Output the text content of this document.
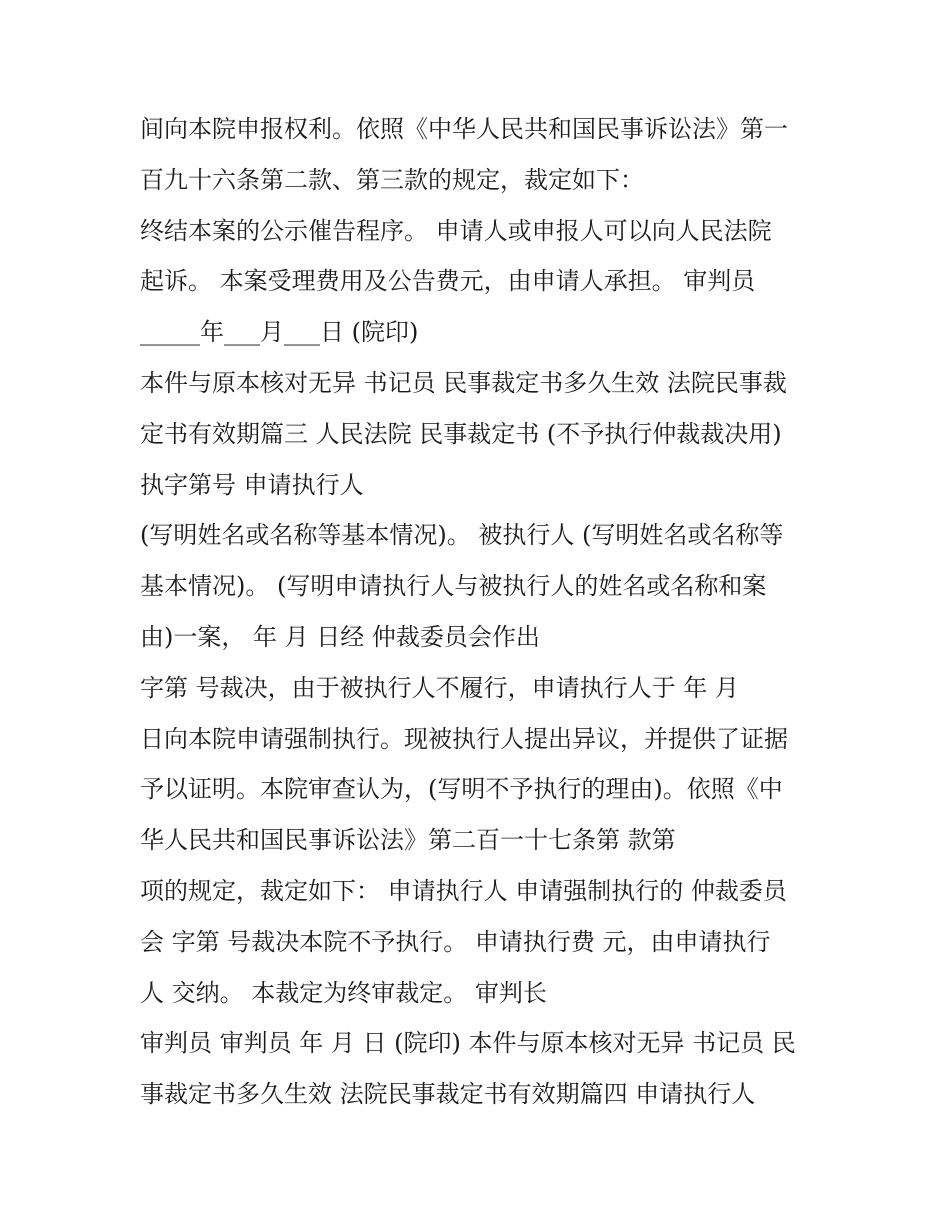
间向本院申报权利。依照《中华人民共和国民事诉讼法》第一
百九十六条第二款、第三款的规定，裁定如下：
终结本案的公示催告程序。 申请人或申报人可以向人民法院
起诉。 本案受理费用及公告费元，由申请人承担。 审判员
_____年___月___日 (院印)
本件与原本核对无异 书记员 民事裁定书多久生效 法院民事裁
定书有效期篇三 人民法院 民事裁定书 (不予执行仲裁裁决用)
执字第号 申请执行人
(写明姓名或名称等基本情况)。 被执行人 (写明姓名或名称等
基本情况)。 (写明申请执行人与被执行人的姓名或名称和案
由)一案， 年 月 日经 仲裁委员会作出
字第 号裁决，由于被执行人不履行，申请执行人于 年 月
日向本院申请强制执行。现被执行人提出异议，并提供了证据
予以证明。本院审查认为，(写明不予执行的理由)。依照《中
华人民共和国民事诉讼法》第二百一十七条第 款第
项的规定，裁定如下： 申请执行人 申请强制执行的 仲裁委员
会 字第 号裁决本院不予执行。 申请执行费 元，由申请执行
人 交纳。 本裁定为终审裁定。 审判长
审判员 审判员 年 月 日 (院印) 本件与原本核对无异 书记员 民
事裁定书多久生效 法院民事裁定书有效期篇四 申请执行人
